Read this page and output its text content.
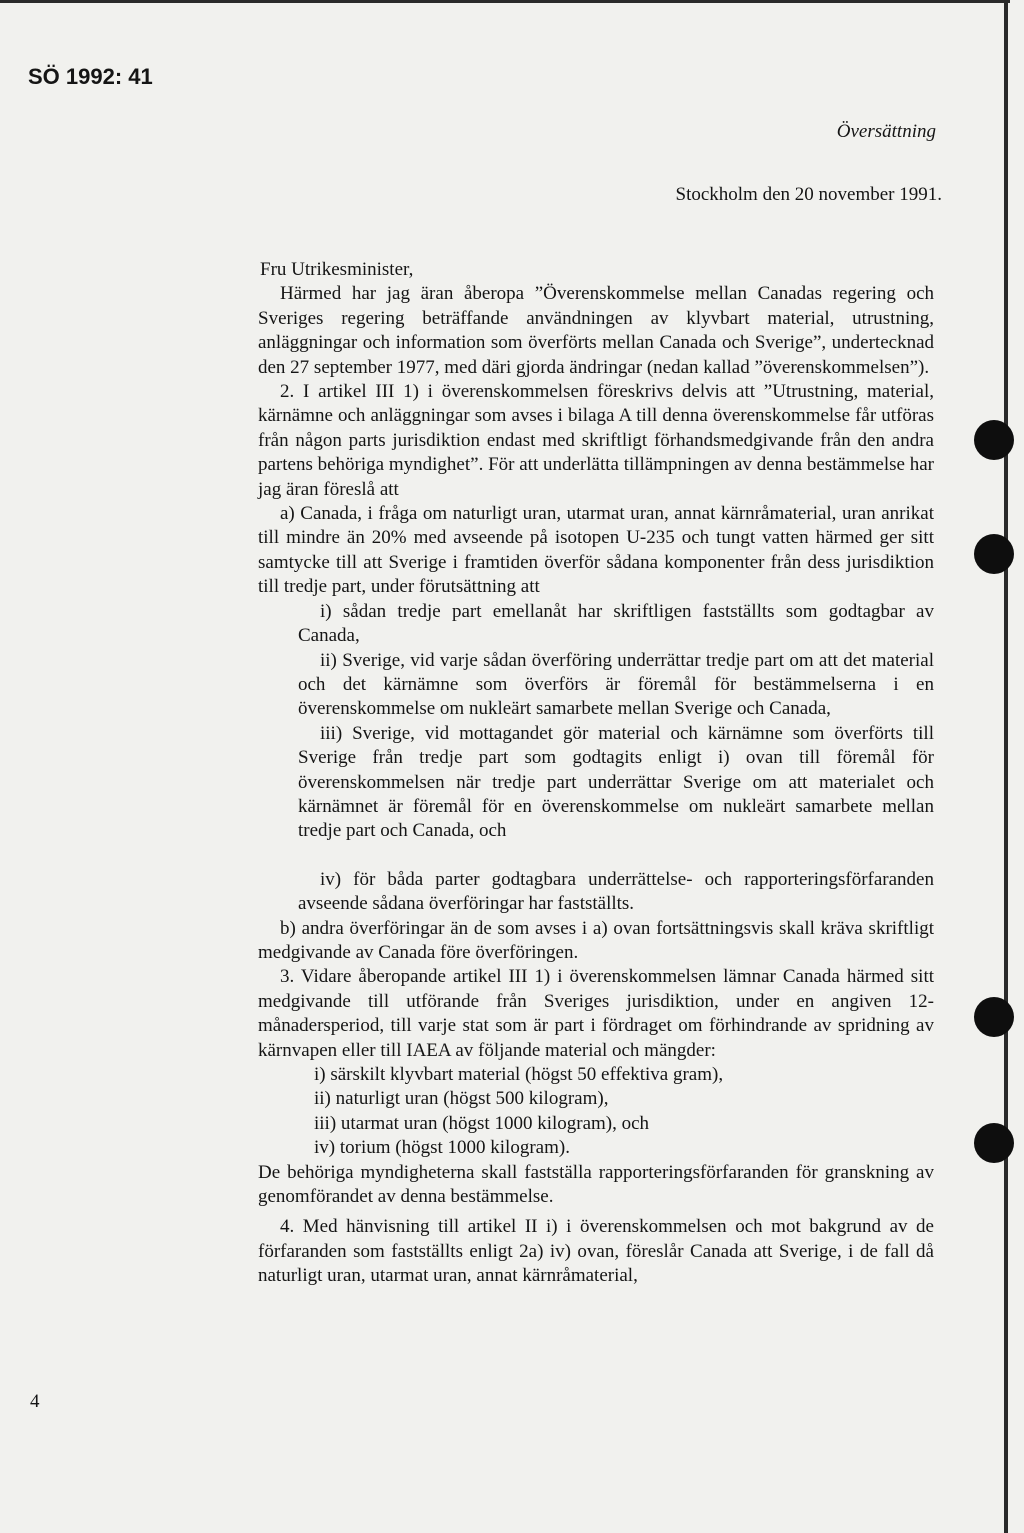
SÖ 1992: 41
Översättning
Stockholm den 20 november 1991.

Fru Utrikesminister,

Härmed har jag äran åberopa ”Överenskommelse mellan Canadas regering och Sveriges regering beträffande användningen av klyvbart material, utrustning, anläggningar och information som överförts mellan Canada och Sverige”, undertecknad den 27 september 1977, med däri gjorda ändringar (nedan kallad ”överenskommelsen”).

2. I artikel III 1) i överenskommelsen föreskrivs delvis att ”Utrustning, material, kärnämne och anläggningar som avses i bilaga A till denna överenskommelse får utföras från någon parts jurisdiktion endast med skriftligt förhandsmedgivande från den andra partens behöriga myndighet”. För att underlätta tillämpningen av denna bestämmelse har jag äran föreslå att

a) Canada, i fråga om naturligt uran, utarmat uran, annat kärnråmaterial, uran anrikat till mindre än 20% med avseende på isotopen U-235 och tungt vatten härmed ger sitt samtycke till att Sverige i framtiden överför sådana komponenter från dess jurisdiktion till tredje part, under förutsättning att

i) sådan tredje part emellanåt har skriftligen fastställts som godtagbar av Canada,

ii) Sverige, vid varje sådan överföring underrättar tredje part om att det material och det kärnämne som överförs är föremål för bestämmelserna i en överenskommelse om nukleärt samarbete mellan Sverige och Canada,

iii) Sverige, vid mottagandet gör material och kärnämne som överförts till Sverige från tredje part som godtagits enligt i) ovan till föremål för överenskommelsen när tredje part underrättar Sverige om att materialet och kärnämnet är föremål för en överenskommelse om nukleärt samarbete mellan tredje part och Canada, och

iv) för båda parter godtagbara underrättelse- och rapporteringsförfaranden avseende sådana överföringar har fastställts.

b) andra överföringar än de som avses i a) ovan fortsättningsvis skall kräva skriftligt medgivande av Canada före överföringen.

3. Vidare åberopande artikel III 1) i överenskommelsen lämnar Canada härmed sitt medgivande till utförande från Sveriges jurisdiktion, under en angiven 12-månadersperiod, till varje stat som är part i fördraget om förhindrande av spridning av kärnvapen eller till IAEA av följande material och mängder:

i) särskilt klyvbart material (högst 50 effektiva gram),

ii) naturligt uran (högst 500 kilogram),

iii) utarmat uran (högst 1000 kilogram), och

iv) torium (högst 1000 kilogram).

De behöriga myndigheterna skall fastställa rapporteringsförfaranden för granskning av genomförandet av denna bestämmelse.

4. Med hänvisning till artikel II i) i överenskommelsen och mot bakgrund av de förfaranden som fastställts enligt 2a) iv) ovan, föreslår Canada att Sverige, i de fall då naturligt uran, utarmat uran, annat kärnråmaterial,

4
